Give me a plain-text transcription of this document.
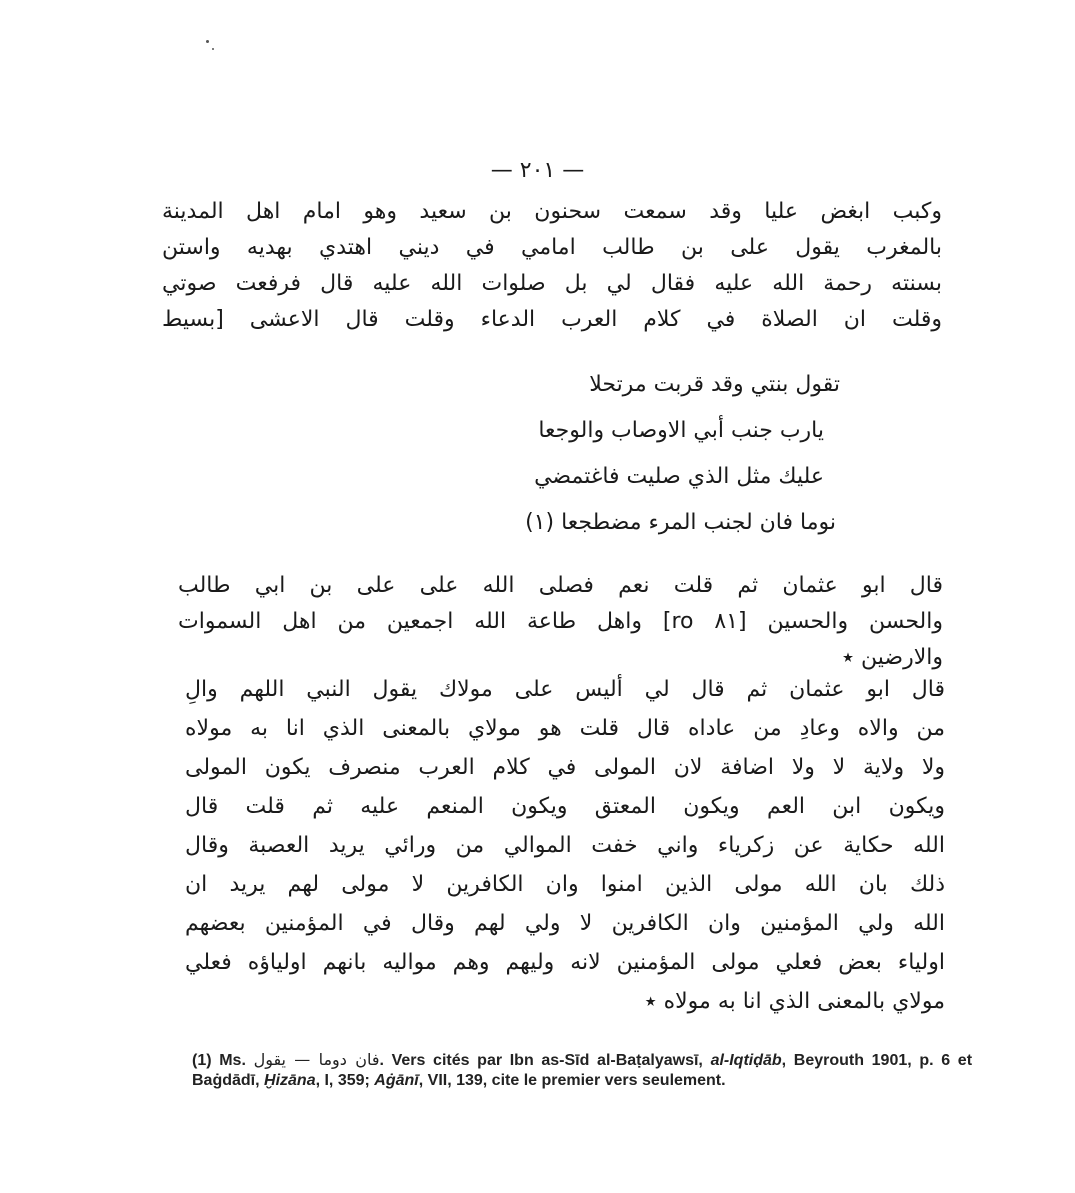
— ٢٠١ —
وكبب ابغض عليا وقد سمعت سحنون بن سعيد وهو امام اهل المدينة
بالمغرب يقول على بن طالب امامي في ديني اهتدي بهديه واستن
بسنته رحمة الله عليه فقال لي بل صلوات الله عليه قال فرفعت صوتي
وقلت ان الصلاة في كلام العرب الدعاء وقلت قال الاعشى [بسيط
تقول بنتي وقد قربت مرتحلا
يارب جنب أبي الاوصاب والوجعا
عليك مثل الذي صليت فاغتمضي
نوما فان لجنب المرء مضطجعا (١)
قال ابو عثمان ثم قلت نعم فصلى الله على على بن ابي طالب
والحسن والحسين [٨١ ro] واهل طاعة الله اجمعين من اهل السموات
والارضين ٭
قال ابو عثمان ثم قال لي أليس على مولاك يقول النبي اللهم والِ
من والاه وعادِ من عاداه قال قلت هو مولاي بالمعنى الذي انا به مولاه
ولا ولاية لا ولا اضافة لان المولى في كلام العرب منصرف يكون المولى
ويكون ابن العم ويكون المعتق ويكون المنعم عليه ثم قلت قال
الله حكاية عن زكرياء واني خفت الموالي من ورائي يريد العصبة وقال
ذلك بان الله مولى الذين امنوا وان الكافرين لا مولى لهم يريد ان
الله ولي المؤمنين وان الكافرين لا ولي لهم وقال في المؤمنين بعضهم
اولياء بعض فعلي مولى المؤمنين لانه وليهم وهم مواليه بانهم اولياؤه فعلي
مولاي بالمعنى الذي انا به مولاه ٭
(1) Ms. فان دوما — يقول. Vers cités par Ibn as-Sīd al-Baṭalyawsī, al-Iqtiḍāb, Beyrouth 1901, p. 6 et Baġdādī, Ḫizāna, I, 359; Aġānī, VII, 139, cite le premier vers seulement.
